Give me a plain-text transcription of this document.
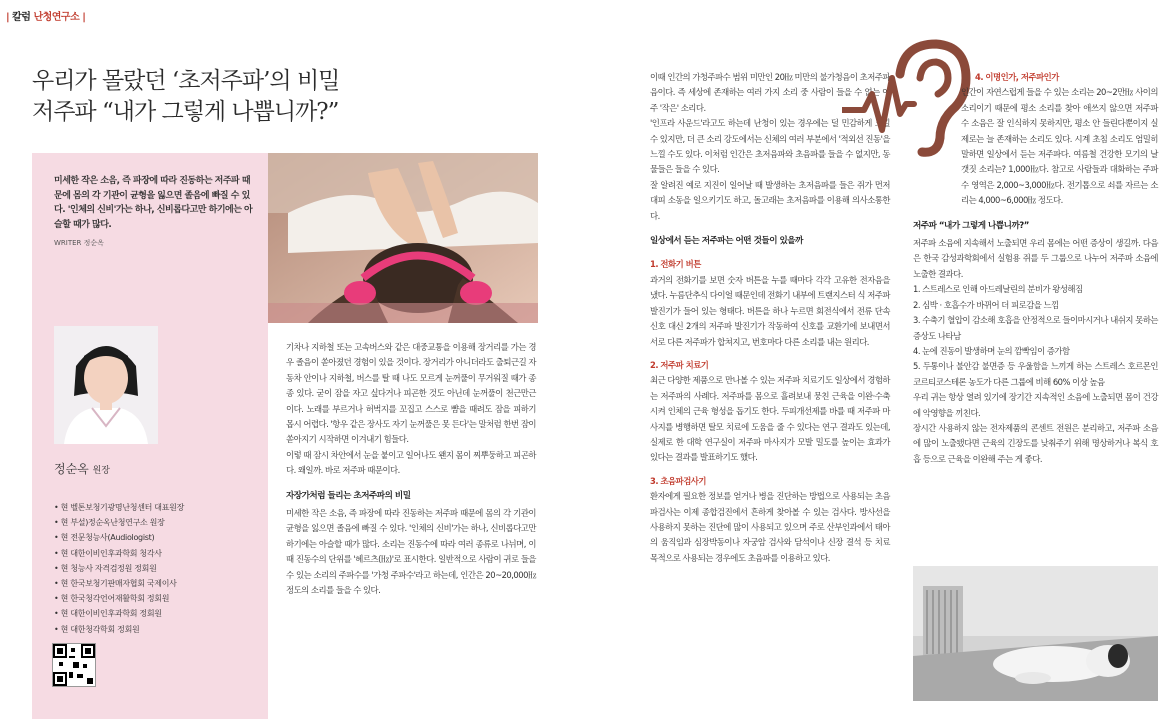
| 칼럼 난청연구소 |
우리가 몰랐던 ‘초저주파’의 비밀
저주파 “내가 그렇게 나쁩니까?”
미세한 작은 소음, 즉 파장에 따라 진동하는 저주파 때문에 몸의 각 기관이 균형을 잃으면 졸음에 빠질 수 있다. '인체의 신비'가는 하나, 신비롭다고만 하기에는 아슬할 때가 많다.
WRITER 정순옥
정순옥 원장
• 현 벨톤보청기광명난청센터 대표원장
• 현 부설)정순옥난청연구소 원장
• 현 전문청능사(Audiologist)
• 현 대한이비인후과학회 청각사
• 현 청능사 자격검정원 정회원
• 현 한국보청기판매자협회 국제이사
• 현 한국청각언어재활학회 정회원
• 현 대한이비인후과학회 정회원
• 현 대한청각학회 정회원

기차나 지하철 또는 고속버스와 같은 대중교통을 이용해 장거리를 가는 경우 졸음이 쏟아졌던 경험이 있을 것이다. 장거리가 아니더라도 출퇴근길 자동차 안이나 지하철, 버스를 탈 때 나도 모르게 눈꺼풀이 무거워질 때가 종종 있다. 굳이 잠을 자고 싶다거나 피곤한 것도 아닌데 눈꺼풀이 천근만근이다. 노래를 부르거나 허벅지를 꼬집고 스스로 뺨을 때려도 잠을 피하기 몹시 어렵다. '항우 같은 장사도 자기 눈꺼풀은 못 든다'는 말처럼 한번 잠이 쏟아지기 시작하면 이겨내기 힘들다.

이렇 때 잠시 차안에서 눈을 붙이고 일어나도 왠지 몸이 찌뿌둥하고 피곤하다. 왜일까. 바로 저주파 때문이다.

자장가처럼 들리는 초저주파의 비밀

미세한 작은 소음, 즉 파장에 따라 진동하는 저주파 때문에 몸의 각 기관이 균형을 잃으면 졸음에 빠질 수 있다. '인체의 신비'가는 하나, 신비롭다고만 하기에는 아슬할 때가 많다. 소리는 진동수에 따라 여러 종류로 나뉘며, 이때 진동수의 단위를 '헤르츠(㎐)'로 표시한다. 일반적으로 사람이 귀로 들을 수 있는 소리의 주파수를 '가청 주파수'라고 하는데, 인간은 20~20,000㎐ 정도의 소리를 들을 수 있다.

이때 인간의 가청주파수 범위 미만인 20㎐ 미만의 불가청음이 초저주파 음이다. 즉 세상에 존재하는 여러 가지 소리 중 사람이 들을 수 없는 아주 '작은' 소리다.

'인프라 사운드'라고도 하는데 난청이 있는 경우에는 덜 민감하게 느낄 수 있지만, 더 큰 소리 강도에서는 신체의 여러 부분에서 '적외선 진동'을 느낄 수도 있다. 이처럼 인간은 초저음파와 초음파를 들을 수 없지만, 동물들은 들을 수 있다.

잘 알려진 예로 지진이 일어날 때 발생하는 초저음파를 들은 쥐가 먼저 대피 소동을 일으키기도 하고, 돌고래는 초저음파를 이용해 의사소통한다.

일상에서 듣는 저주파는 어떤 것들이 있을까
1. 전화기 버튼

과거의 전화기를 보면 숫자 버튼을 누를 때마다 각각 고유한 전자음을 냈다. 누름단추식 다이얼 때문인데 전화기 내부에 트랜지스터 식 저주파 발진기가 들어 있는 형태다. 버튼을 하나 누르면 회전식에서 전류 단속 신호 대신 2개의 저주파 발진기가 작동하여 신호를 교환기에 보내면서 서로 다른 저주파가 합쳐지고, 번호마다 다른 소리를 내는 원리다.

2. 저주파 치료기

최근 다양한 제품으로 만나볼 수 있는 저주파 치료기도 일상에서 경험하는 저주파의 사례다. 저주파를 몸으로 흘려보내 뭉친 근육을 이완·수축시켜 인체의 근육 형성을 돕기도 한다. 두피개선제를 바를 때 저주파 마사지를 병행하면 탈모 치료에 도움을 줄 수 있다는 연구 결과도 있는데, 실제로 한 대학 연구실이 저주파 마사지가 모발 밀도를 높이는 효과가 있다는 결과를 발표하기도 했다.

3. 초음파검사기

환자에게 필요한 정보를 얻거나 병을 진단하는 방법으로 사용되는 초음파검사는 이제 종합검진에서 흔하게 찾아볼 수 있는 검사다. 방사선을 사용하지 못하는 진단에 많이 사용되고 있으며 주로 산부인과에서 태아의 움직임과 심장박동이나 자궁암 검사와 담석이나 신장 결석 등 치료 목적으로 사용되는 경우에도 초음파를 이용하고 있다.

4. 이명인가, 저주파인가

인간이 자연스럽게 들을 수 있는 소리는 20~2만㎐ 사이의 소리이기 때문에 평소 소리를 찾아 애쓰지 않으면 저주파수 소음은 잘 인식하지 못하지만, 평소 안 들린다뿐이지 실제로는 늘 존재하는 소리도 있다. 시계 초침 소리도 엄밀히 말하면 일상에서 듣는 저주파다. 여름철 건강한 모기의 날갯짓 소리는? 1,000㎐다. 참고로 사람들과 대화하는 주파수 영역은 2,000~3,000㎐다. 전기톱으로 쇠를 자르는 소리는 4,000~6,000㎐ 정도다.

저주파 “내가 그렇게 나쁩니까?”

저주파 소음에 지속해서 노출되면 우리 몸에는 어떤 증상이 생길까. 다음은 한국 감성과학회에서 실험용 쥐를 두 그룹으로 나누어 저주파 소음에 노출한 결과다.

1. 스트레스로 인해 아드레날린의 분비가 왕성해짐

2. 심박 · 호흡수가 바뀌어 더 피로감을 느낌

3. 수축기 혈압이 감소해 호흡을 안정적으로 들이마시거나 내쉬지 못하는 증상도 나타남

4. 눈에 진동이 발생하며 눈의 깜빡임이 증가함

5. 두통이나 불안감 불면증 등 우울함을 느끼게 하는 스트레스 호르몬인 코르티코스테론 농도가 다른 그룹에 비해 60% 이상 높음

우리 귀는 항상 열려 있기에 장기간 지속적인 소음에 노출되면 몸이 건강에 악영향을 끼친다.

장시간 사용하지 않는 전자제품의 콘센트 전원은 분리하고, 저주파 소음에 많이 노출됐다면 근육의 긴장도를 낮춰주기 위해 명상하거나 복식 호흡 등으로 근육을 이완해 주는 게 좋다.
